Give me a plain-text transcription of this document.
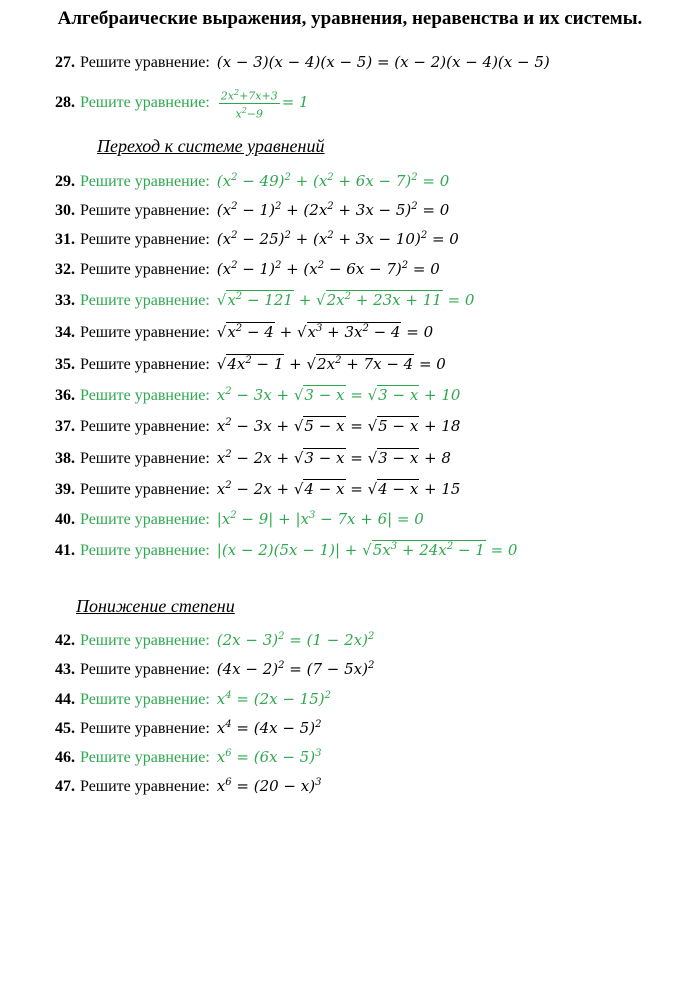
Алгебраические выражения, уравнения, неравенства и их системы.
27. Решите уравнение: (x − 3)(x − 4)(x − 5) = (x − 2)(x − 4)(x − 5)
28. Решите уравнение: $\frac{2x^2+7x+3}{x^2-9} = 1$
Переход к системе уравнений
29. Решите уравнение: $(x^2 - 49)^2 + (x^2 + 6x - 7)^2 = 0$
30. Решите уравнение: $(x^2 - 1)^2 + (2x^2 + 3x - 5)^2 = 0$
31. Решите уравнение: $(x^2 - 25)^2 + (x^2 + 3x - 10)^2 = 0$
32. Решите уравнение: $(x^2 - 1)^2 + (x^2 - 6x - 7)^2 = 0$
33. Решите уравнение: $√x^2 - 121 + √2x^2 + 23x + 11 = 0$
34. Решите уравнение: $√x^2 - 4 + √x^3 + 3x^2 - 4 = 0$
35. Решите уравнение: $√4x^2 - 1 + √2x^2 + 7x - 4 = 0$
36. Решите уравнение: $x^2 - 3x + √3 - x = √3 - x + 10$
37. Решите уравнение: $x^2 - 3x + √5 - x = √5 - x + 18$
38. Решите уравнение: $x^2 - 2x + √3 - x = √3 - x + 8$
39. Решите уравнение: $x^2 - 2x + √4 - x = √4 - x + 15$
40. Решите уравнение: $|x^2 - 9| + |x^3 - 7x + 6| = 0$
41. Решите уравнение: $|(x - 2)(5x - 1)| + √5x^3 + 24x^2 - 1 = 0$
Понижение степени
42. Решите уравнение: $(2x - 3)^2 = (1 - 2x)^2$
43. Решите уравнение: $(4x - 2)^2 = (7 - 5x)^2$
44. Решите уравнение: $x^4 = (2x - 15)^2$
45. Решите уравнение: $x^4 = (4x - 5)^2$
46. Решите уравнение: $x^6 = (6x - 5)^3$
47. Решите уравнение: $x^6 = (20 - x)^3$
